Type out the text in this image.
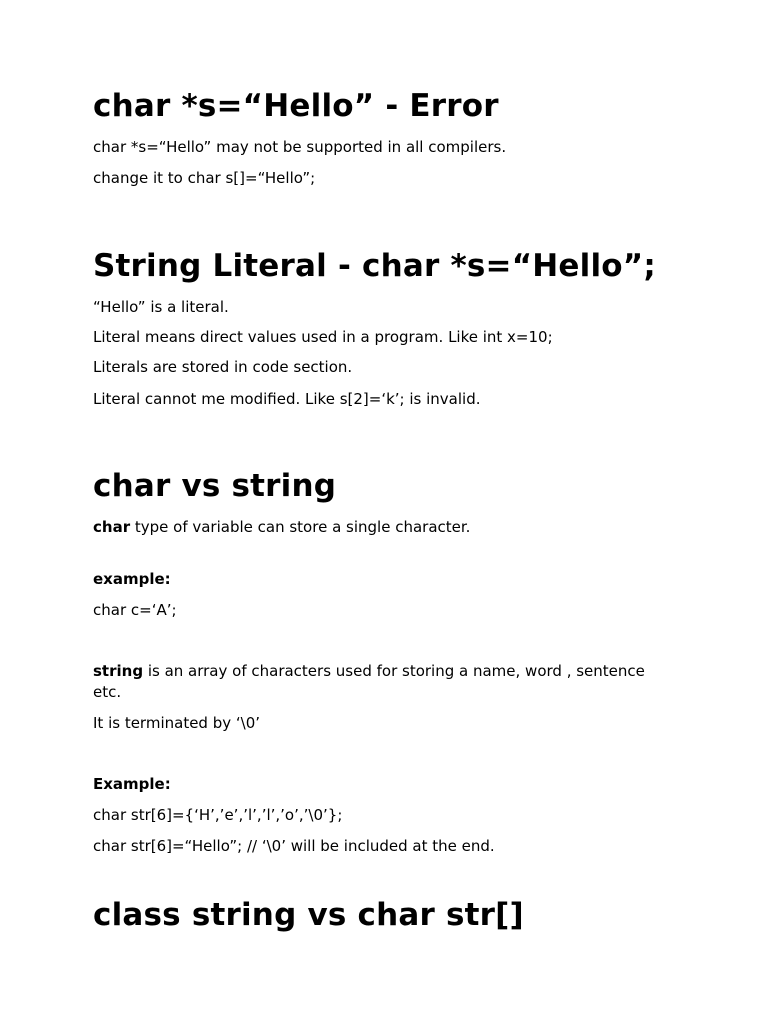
char *s=“Hello” - Error

char *s=“Hello” may not be supported in all compilers.

change it to char s[]=“Hello”;

String Literal - char *s=“Hello”;

“Hello” is a literal.

Literal means direct values used in a program. Like int x=10;

Literals are stored in code section.

Literal cannot me modified. Like s[2]=‘k’; is invalid.

char vs string

char type of variable can store a single character.

example:

char c=‘A’;

string is an array of characters used for storing a name, word , sentence etc.

It is terminated by ‘\0’

Example:

char str[6]={‘H’,’e’,’l’,’l’,’o’,’\0’};

char str[6]=“Hello”; // ‘\0’ will be included at the end.

class string vs char str[]
